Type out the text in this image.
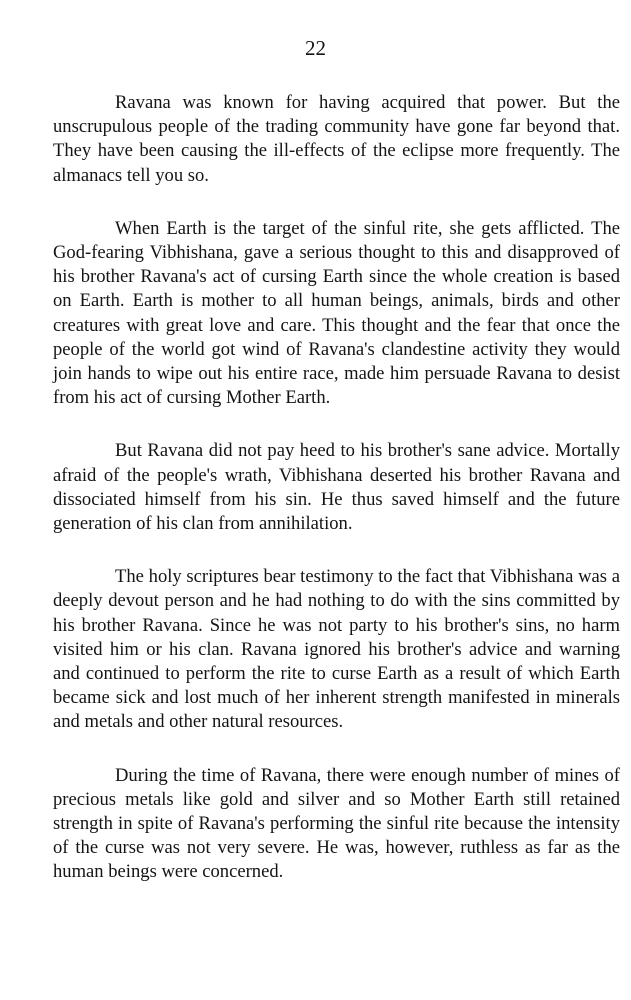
22

Ravana was known for having acquired that power. But the unscrupulous people of the trading community have gone far beyond that. They have been causing the ill-effects of the eclipse more frequently. The almanacs tell you so.

When Earth is the target of the sinful rite, she gets afflicted. The God-fearing Vibhishana, gave a serious thought to this and disapproved of his brother Ravana's act of cursing Earth since the whole creation is based on Earth. Earth is mother to all human beings, animals, birds and other creatures with great love and care. This thought and the fear that once the people of the world got wind of Ravana's clandestine activity they would join hands to wipe out his entire race, made him persuade Ravana to desist from his act of cursing Mother Earth.

But Ravana did not pay heed to his brother's sane advice. Mortally afraid of the people's wrath, Vibhishana deserted his brother Ravana and dissociated himself from his sin. He thus saved himself and the future generation of his clan from annihilation.

The holy scriptures bear testimony to the fact that Vibhishana was a deeply devout person and he had nothing to do with the sins committed by his brother Ravana. Since he was not party to his brother's sins, no harm visited him or his clan. Ravana ignored his brother's advice and warning and continued to perform the rite to curse Earth as a result of which Earth became sick and lost much of her inherent strength manifested in minerals and metals and other natural resources.

During the time of Ravana, there were enough number of mines of precious metals like gold and silver and so Mother Earth still retained strength in spite of Ravana's performing the sinful rite because the intensity of the curse was not very severe. He was, however, ruthless as far as the human beings were concerned.
